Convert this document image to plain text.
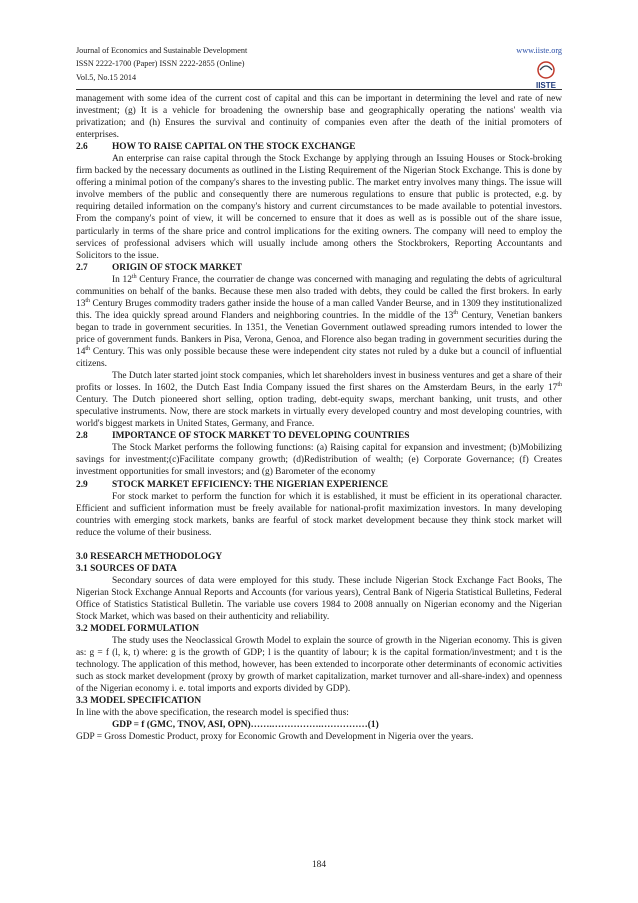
Journal of Economics and Sustainable Development
ISSN 2222-1700 (Paper) ISSN 2222-2855 (Online)
Vol.5, No.15 2014
www.iiste.org
IISTE

management with some idea of the current cost of capital and this can be important in determining the level and rate of new investment; (g) It is a vehicle for broadening the ownership base and geographically operating the nations' wealth via privatization; and (h) Ensures the survival and continuity of companies even after the death of the initial promoters of enterprises.

2.6	HOW TO RAISE CAPITAL ON THE STOCK EXCHANGE

An enterprise can raise capital through the Stock Exchange by applying through an Issuing Houses or Stock-broking firm backed by the necessary documents as outlined in the Listing Requirement of the Nigerian Stock Exchange. This is done by offering a minimal potion of the company's shares to the investing public. The market entry involves many things. The issue will involve members of the public and consequently there are numerous regulations to ensure that public is protected, e.g. by requiring detailed information on the company's history and current circumstances to be made available to potential investors. From the company's point of view, it will be concerned to ensure that it does as well as is possible out of the share issue, particularly in terms of the share price and control implications for the exiting owners. The company will need to employ the services of professional advisers which will usually include among others the Stockbrokers, Reporting Accountants and Solicitors to the issue.

2.7	ORIGIN OF STOCK MARKET

In 12th Century France, the courratier de change was concerned with managing and regulating the debts of agricultural communities on behalf of the banks. Because these men also traded with debts, they could be called the first brokers. In early 13th Century Bruges commodity traders gather inside the house of a man called Vander Beurse, and in 1309 they institutionalized this. The idea quickly spread around Flanders and neighboring countries. In the middle of the 13th Century, Venetian bankers began to trade in government securities. In 1351, the Venetian Government outlawed spreading rumors intended to lower the price of government funds. Bankers in Pisa, Verona, Genoa, and Florence also began trading in government securities during the 14th Century. This was only possible because these were independent city states not ruled by a duke but a council of influential citizens.

The Dutch later started joint stock companies, which let shareholders invest in business ventures and get a share of their profits or losses. In 1602, the Dutch East India Company issued the first shares on the Amsterdam Beurs, in the early 17th Century. The Dutch pioneered short selling, option trading, debt-equity swaps, merchant banking, unit trusts, and other speculative instruments. Now, there are stock markets in virtually every developed country and most developing countries, with world's biggest markets in United States, Germany, and France.

2.8	IMPORTANCE OF STOCK MARKET TO DEVELOPING COUNTRIES

The Stock Market performs the following functions: (a) Raising capital for expansion and investment; (b)Mobilizing savings for investment;(c)Facilitate company growth; (d)Redistribution of wealth; (e) Corporate Governance; (f) Creates investment opportunities for small investors; and (g) Barometer of the economy

2.9	STOCK MARKET EFFICIENCY: THE NIGERIAN EXPERIENCE

For stock market to perform the function for which it is established, it must be efficient in its operational character. Efficient and sufficient information must be freely available for national-profit maximization investors. In many developing countries with emerging stock markets, banks are fearful of stock market development because they think stock market will reduce the volume of their business.

3.0 RESEARCH METHODOLOGY
3.1 SOURCES OF DATA

Secondary sources of data were employed for this study. These include Nigerian Stock Exchange Fact Books, The Nigerian Stock Exchange Annual Reports and Accounts (for various years), Central Bank of Nigeria Statistical Bulletins, Federal Office of Statistics Statistical Bulletin. The variable use covers 1984 to 2008 annually on Nigerian economy and the Nigerian Stock Market, which was based on their authenticity and reliability.

3.2 MODEL FORMULATION

The study uses the Neoclassical Growth Model to explain the source of growth in the Nigerian economy. This is given as: g = f (l, k, t) where: g is the growth of GDP; l is the quantity of labour; k is the capital formation/investment; and t is the technology. The application of this method, however, has been extended to incorporate other determinants of economic activities such as stock market development (proxy by growth of market capitalization, market turnover and all-share-index) and openness of the Nigerian economy i. e. total imports and exports divided by GDP).

3.3 MODEL SPECIFICATION

In line with the above specification, the research model is specified thus:

GDP = f (GMC, TNOV, ASI, OPN)…….…………….……………(1)

GDP = Gross Domestic Product, proxy for Economic Growth and Development in Nigeria over the years.

184
